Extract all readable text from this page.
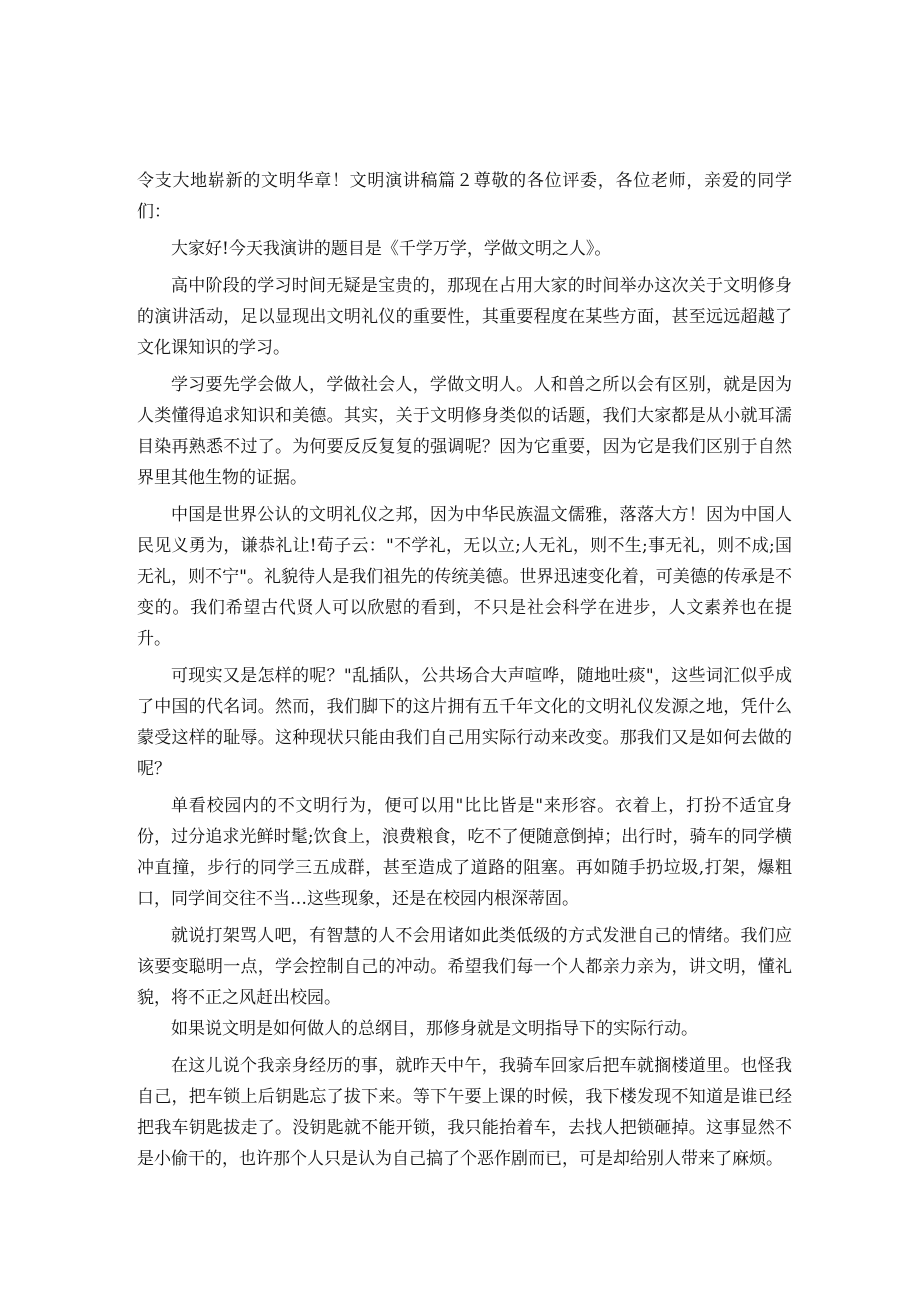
令支大地崭新的文明华章！文明演讲稿篇２尊敬的各位评委，各位老师，亲爱的同学们：

大家好!今天我演讲的题目是《千学万学，学做文明之人》。

高中阶段的学习时间无疑是宝贵的，那现在占用大家的时间举办这次关于文明修身的演讲活动，足以显现出文明礼仪的重要性，其重要程度在某些方面，甚至远远超越了文化课知识的学习。

学习要先学会做人，学做社会人，学做文明人。人和兽之所以会有区别，就是因为人类懂得追求知识和美德。其实，关于文明修身类似的话题，我们大家都是从小就耳濡目染再熟悉不过了。为何要反反复复的强调呢？因为它重要，因为它是我们区别于自然界里其他生物的证据。

中国是世界公认的文明礼仪之邦，因为中华民族温文儒雅，落落大方！因为中国人民见义勇为，谦恭礼让!荀子云："不学礼，无以立;人无礼，则不生;事无礼，则不成;国无礼，则不宁"。礼貌待人是我们祖先的传统美德。世界迅速变化着，可美德的传承是不变的。我们希望古代贤人可以欣慰的看到，不只是社会科学在进步，人文素养也在提升。

可现实又是怎样的呢？"乱插队，公共场合大声喧哗，随地吐痰"，这些词汇似乎成了中国的代名词。然而，我们脚下的这片拥有五千年文化的文明礼仪发源之地，凭什么蒙受这样的耻辱。这种现状只能由我们自己用实际行动来改变。那我们又是如何去做的呢？

单看校园内的不文明行为，便可以用"比比皆是"来形容。衣着上，打扮不适宜身份，过分追求光鲜时髦;饮食上，浪费粮食，吃不了便随意倒掉；出行时，骑车的同学横冲直撞，步行的同学三五成群，甚至造成了道路的阻塞。再如随手扔垃圾,打架，爆粗口，同学间交往不当…这些现象，还是在校园内根深蒂固。

就说打架骂人吧，有智慧的人不会用诸如此类低级的方式发泄自己的情绪。我们应该要变聪明一点，学会控制自己的冲动。希望我们每一个人都亲力亲为，讲文明，懂礼貌，将不正之风赶出校园。

如果说文明是如何做人的总纲目，那修身就是文明指导下的实际行动。

在这儿说个我亲身经历的事，就昨天中午，我骑车回家后把车就搁楼道里。也怪我自己，把车锁上后钥匙忘了拔下来。等下午要上课的时候，我下楼发现不知道是谁已经把我车钥匙拔走了。没钥匙就不能开锁，我只能抬着车，去找人把锁砸掉。这事显然不是小偷干的，也许那个人只是认为自己搞了个恶作剧而已，可是却给别人带来了麻烦。
